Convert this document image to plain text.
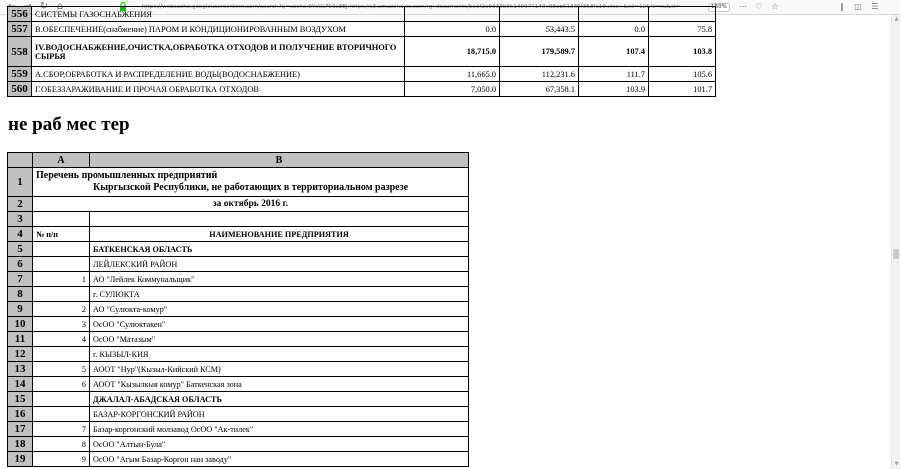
↻ ⌂	https://webcache.googleusercontent.com/search?q=cache:0YcCLFS9aEEJ:https://s3.amazonaws.com/rgi-documents/be1f2a9333b9b140974140e98ab61386f353fe19.xlsx+&cd=12&hl=ru&ct= ⋯	150%	⋯	♡	☆	‖	◫	☰
556	СИСТЕМЫ ГАЗОСНАБЖЕНИЯ				
557	В.ОБЕСПЕЧЕНИЕ(снабжение) ПАРОМ И КОНДИЦИОНИРОВАННЫМ ВОЗДУХОМ	0.0	53,443.5	0.0	75.8
558	IV.ВОДОСНАБЖЕНИЕ,ОЧИСТКА,ОБРАБОТКА ОТХОДОВ И ПОЛУЧЕНИЕ ВТОРИЧНОГО СЫРЬЯ	18,715.0	179,589.7	107.4	103.8
559	А.СБОР,ОБРАБОТКА И РАСПРЕДЕЛЕНИЕ ВОДЫ(ВОДОСНАБЖЕНИЕ)	11,665.0	112,231.6	111.7	105.6
560	Г.ОБЕЗЗАРАЖИВАНИЕ И ПРОЧАЯ ОБРАБОТКА ОТХОДОВ	7,050.0	67,358.1	103.9	101.7
не раб мес тер
	A	B
1	Перечень промышленных предприятий
Кыргызской Республики, не работающих в территориальном разрезе	

2	за октябрь 2016 г.	
3		
4	№ п/п	НАИМЕНОВАНИЕ ПРЕДПРИЯТИЯ
5		БАТКЕНСКАЯ ОБЛАСТЬ
6		ЛЕЙЛЕКСКИЙ РАЙОН
7	1	АО "Лейлек Коммунальщик"
8		г. СУЛЮКТА
9	2	АО "Сулюкта-комур"
10	3	ОсОО "Сулюктакен"
11	4	ОсОО "Матазым"
12		г. КЫЗЫЛ-КИЯ
13	5	АООТ "Нур"(Кызыл-Кийский КСМ)
14	6	АООТ "Кызылкыя комур" Баткенская зона
15		ДЖАЛАЛ-АБАДСКАЯ ОБЛАСТЬ
16		БАЗАР-КОРГОНСКИЙ РАЙОН
17	7	Базар-коргонский молзавод ОсОО "Ак-тилек"
18	8	ОсОО "Алтын-Була"
19	9	ОсОО "Агым Базар-Коргон нан заводу"
▲
▼
